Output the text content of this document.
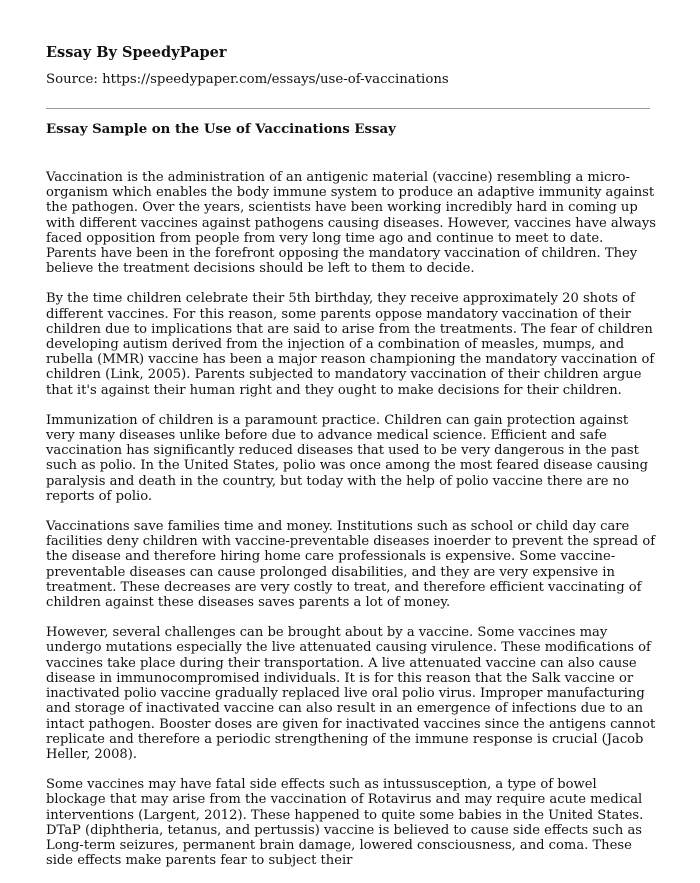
Essay By SpeedyPaper
Source: https://speedypaper.com/essays/use-of-vaccinations
Essay Sample on the Use of Vaccinations Essay

Vaccination is the administration of an antigenic material (vaccine) resembling a micro-organism which enables the body immune system to produce an adaptive immunity against the pathogen. Over the years, scientists have been working incredibly hard in coming up with different vaccines against pathogens causing diseases. However, vaccines have always faced opposition from people from very long time ago and continue to meet to date. Parents have been in the forefront opposing the mandatory vaccination of children. They believe the treatment decisions should be left to them to decide.

By the time children celebrate their 5th birthday, they receive approximately 20 shots of different vaccines. For this reason, some parents oppose mandatory vaccination of their children due to implications that are said to arise from the treatments. The fear of children developing autism derived from the injection of a combination of measles, mumps, and rubella (MMR) vaccine has been a major reason championing the mandatory vaccination of children (Link, 2005). Parents subjected to mandatory vaccination of their children argue that it's against their human right and they ought to make decisions for their children.

Immunization of children is a paramount practice. Children can gain protection against very many diseases unlike before due to advance medical science. Efficient and safe vaccination has significantly reduced diseases that used to be very dangerous in the past such as polio. In the United States, polio was once among the most feared disease causing paralysis and death in the country, but today with the help of polio vaccine there are no reports of polio.

Vaccinations save families time and money. Institutions such as school or child day care facilities deny children with vaccine-preventable diseases inoerder to prevent the spread of the disease and therefore hiring home care professionals is expensive. Some vaccine-preventable diseases can cause prolonged disabilities, and they are very expensive in treatment. These decreases are very costly to treat, and therefore efficient vaccinating of children against these diseases saves parents a lot of money.

However, several challenges can be brought about by a vaccine. Some vaccines may undergo mutations especially the live attenuated causing virulence. These modifications of vaccines take place during their transportation. A live attenuated vaccine can also cause disease in immunocompromised individuals. It is for this reason that the Salk vaccine or inactivated polio vaccine gradually replaced live oral polio virus. Improper manufacturing and storage of inactivated vaccine can also result in an emergence of infections due to an intact pathogen. Booster doses are given for inactivated vaccines since the antigens cannot replicate and therefore a periodic strengthening of the immune response is crucial (Jacob Heller, 2008).

Some vaccines may have fatal side effects such as intussusception, a type of bowel blockage that may arise from the vaccination of Rotavirus and may require acute medical interventions (Largent, 2012). These happened to quite some babies in the United States. DTaP (diphtheria, tetanus, and pertussis) vaccine is believed to cause side effects such as Long-term seizures, permanent brain damage, lowered consciousness, and coma. These side effects make parents fear to subject their
